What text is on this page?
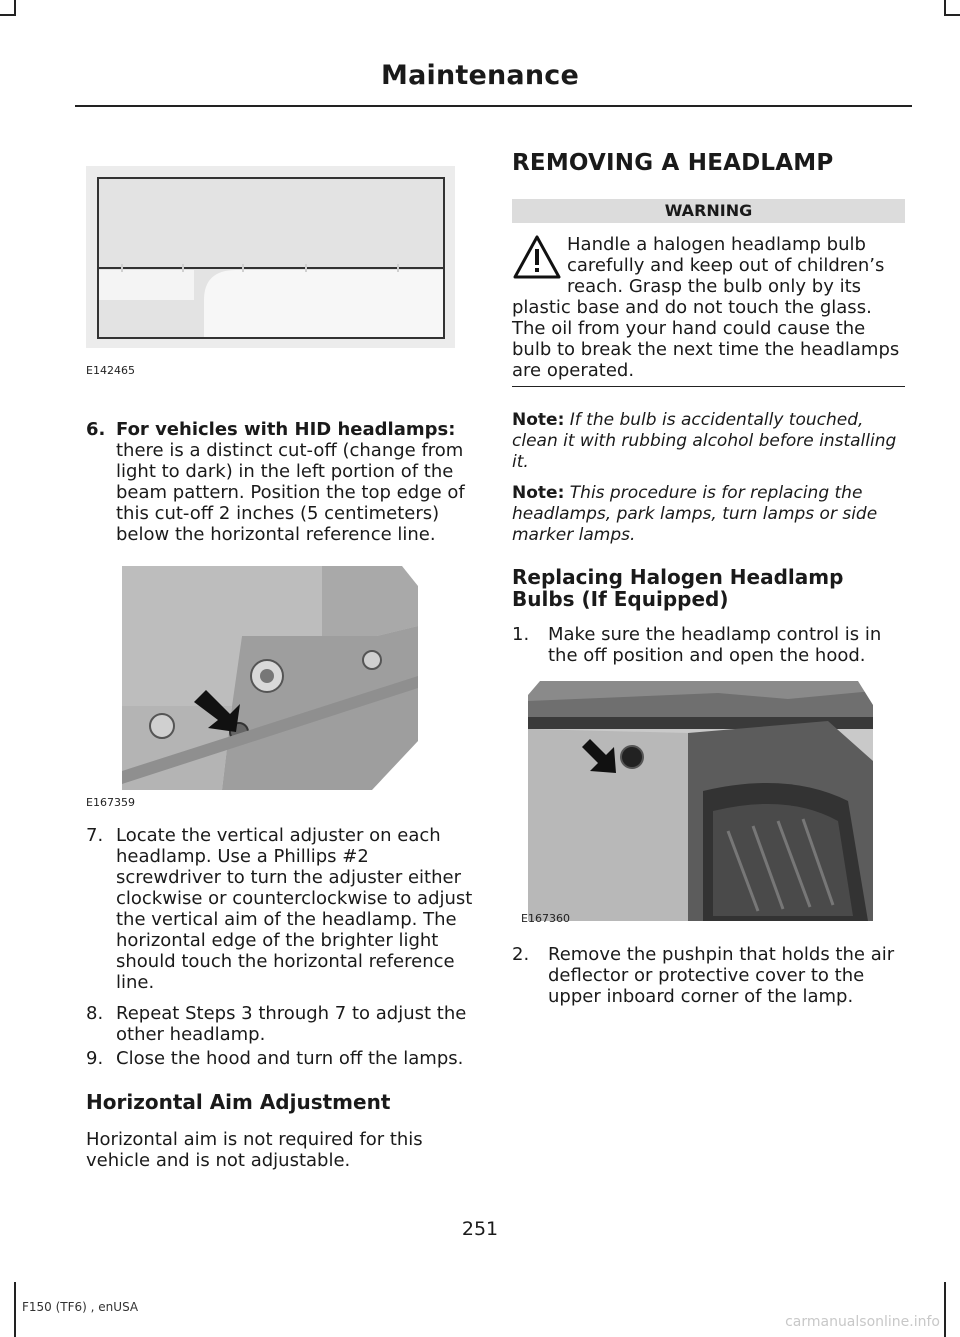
Maintenance
E142465
6. For vehicles with HID headlamps: there is a distinct cut-off (change from light to dark) in the left portion of the beam pattern. Position the top edge of this cut-off 2 inches (5 centimeters) below the horizontal reference line.
E167359
7. Locate the vertical adjuster on each headlamp. Use a Phillips #2 screwdriver to turn the adjuster either clockwise or counterclockwise to adjust the vertical aim of the headlamp. The horizontal edge of the brighter light should touch the horizontal reference line.
8. Repeat Steps 3 through 7 to adjust the other headlamp.
9. Close the hood and turn off the lamps.
Horizontal Aim Adjustment
Horizontal aim is not required for this vehicle and is not adjustable.
REMOVING A HEADLAMP
WARNING
Handle a halogen headlamp bulb carefully and keep out of children’s reach. Grasp the bulb only by its plastic base and do not touch the glass. The oil from your hand could cause the bulb to break the next time the headlamps are operated.
Note: If the bulb is accidentally touched, clean it with rubbing alcohol before installing it.
Note: This procedure is for replacing the headlamps, park lamps, turn lamps or side marker lamps.
Replacing Halogen Headlamp Bulbs (If Equipped)
1. Make sure the headlamp control is in the off position and open the hood.
E167360
2. Remove the pushpin that holds the air deflector or protective cover to the upper inboard corner of the lamp.
251
F150 (TF6) , enUSA
carmanualsonline.info
